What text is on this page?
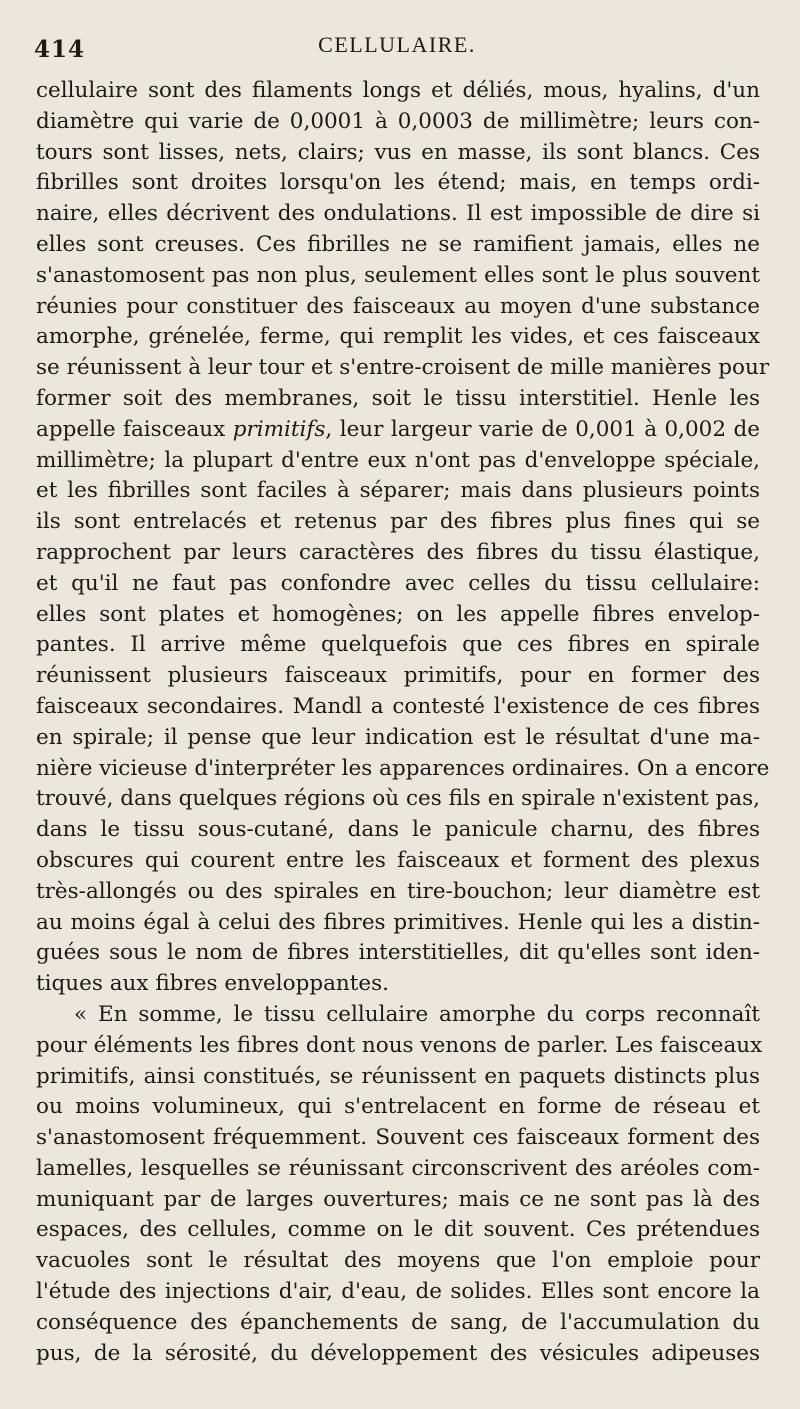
414	CELLULAIRE.
cellulaire sont des filaments longs et déliés, mous, hyalins, d'un
diamètre qui varie de 0,0001 à 0,0003 de millimètre; leurs con-
tours sont lisses, nets, clairs; vus en masse, ils sont blancs. Ces
fibrilles sont droites lorsqu'on les étend; mais, en temps ordi-
naire, elles décrivent des ondulations. Il est impossible de dire si
elles sont creuses. Ces fibrilles ne se ramifient jamais, elles ne
s'anastomosent pas non plus, seulement elles sont le plus souvent
réunies pour constituer des faisceaux au moyen d'une substance
amorphe, grénelée, ferme, qui remplit les vides, et ces faisceaux
se réunissent à leur tour et s'entre-croisent de mille manières pour
former soit des membranes, soit le tissu interstitiel. Henle les
appelle faisceaux primitifs, leur largeur varie de 0,001 à 0,002 de
millimètre; la plupart d'entre eux n'ont pas d'enveloppe spéciale,
et les fibrilles sont faciles à séparer; mais dans plusieurs points
ils sont entrelacés et retenus par des fibres plus fines qui se
rapprochent par leurs caractères des fibres du tissu élastique,
et qu'il ne faut pas confondre avec celles du tissu cellulaire:
elles sont plates et homogènes; on les appelle fibres envelop-
pantes. Il arrive même quelquefois que ces fibres en spirale
réunissent plusieurs faisceaux primitifs, pour en former des
faisceaux secondaires. Mandl a contesté l'existence de ces fibres
en spirale; il pense que leur indication est le résultat d'une ma-
nière vicieuse d'interpréter les apparences ordinaires. On a encore
trouvé, dans quelques régions où ces fils en spirale n'existent pas,
dans le tissu sous-cutané, dans le panicule charnu, des fibres
obscures qui courent entre les faisceaux et forment des plexus
très-allongés ou des spirales en tire-bouchon; leur diamètre est
au moins égal à celui des fibres primitives. Henle qui les a distin-
guées sous le nom de fibres interstitielles, dit qu'elles sont iden-
tiques aux fibres enveloppantes.
« En somme, le tissu cellulaire amorphe du corps reconnaît
pour éléments les fibres dont nous venons de parler. Les faisceaux
primitifs, ainsi constitués, se réunissent en paquets distincts plus
ou moins volumineux, qui s'entrelacent en forme de réseau et
s'anastomosent fréquemment. Souvent ces faisceaux forment des
lamelles, lesquelles se réunissant circonscrivent des aréoles com-
muniquant par de larges ouvertures; mais ce ne sont pas là des
espaces, des cellules, comme on le dit souvent. Ces prétendues
vacuoles sont le résultat des moyens que l'on emploie pour
l'étude des injections d'air, d'eau, de solides. Elles sont encore la
conséquence des épanchements de sang, de l'accumulation du
pus, de la sérosité, du développement des vésicules adipeuses
